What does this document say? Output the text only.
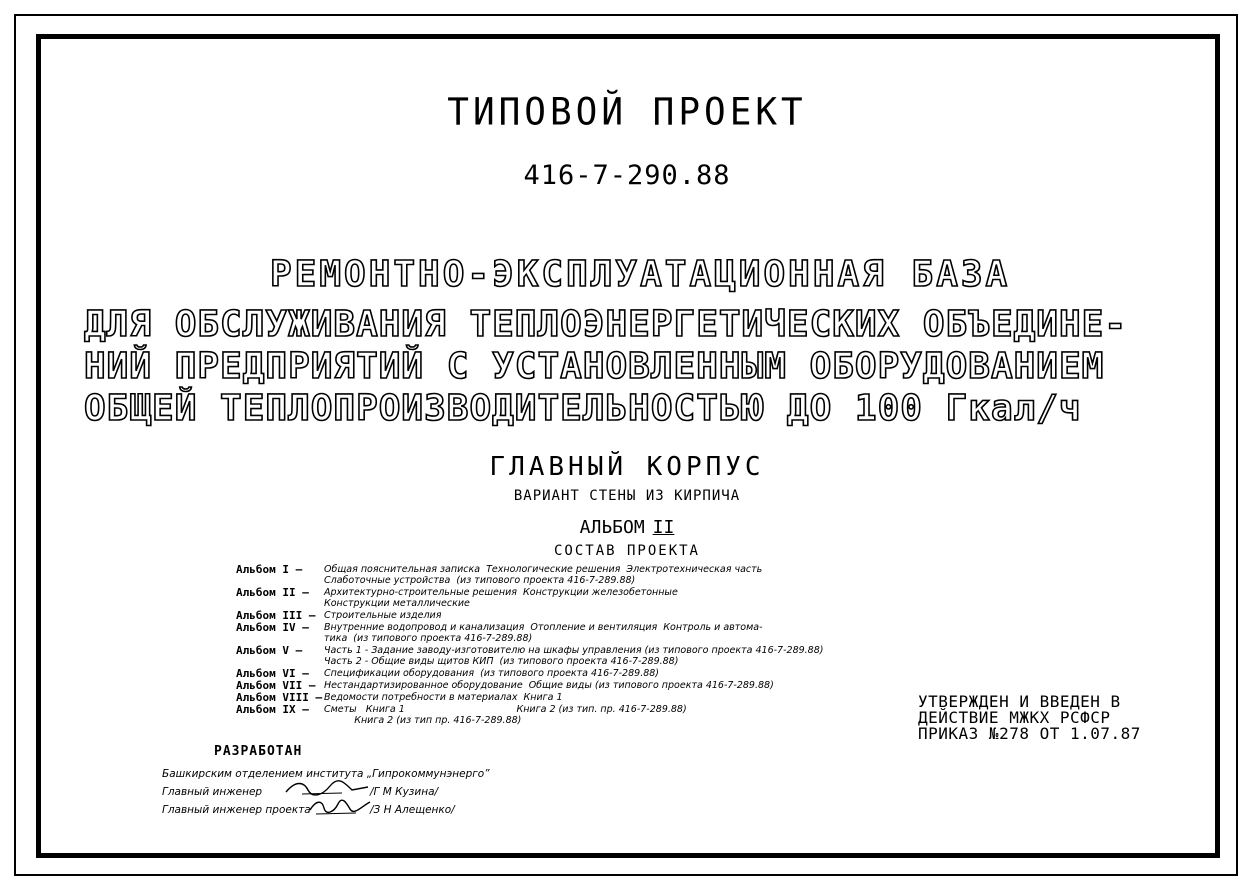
ТИПОВОЙ ПРОЕКТ
416-7-290.88
РЕМОНТНО-ЭКСПЛУАТАЦИОННАЯ БАЗА
ДЛЯ ОБСЛУЖИВАНИЯ ТЕПЛОЭНЕРГЕТИЧЕСКИХ ОБЪЕДИНЕ-
НИЙ ПРЕДПРИЯТИЙ С УСТАНОВЛЕННЫМ ОБОРУДОВАНИЕМ
ОБЩЕЙ ТЕПЛОПРОИЗВОДИТЕЛЬНОСТЬЮ ДО 100 Гкал/ч
ГЛАВНЫЙ КОРПУС
ВАРИАНТ СТЕНЫ ИЗ КИРПИЧА
АЛЬБОМ II
СОСТАВ ПРОЕКТА
Альбом I –	Общая пояснительная записка  Технологические решения  Электротехническая часть
Слаботочные устройства  (из типового проекта 416-7-289.88)
Альбом II –	Архитектурно-строительные решения  Конструкции железобетонные
Конструкции металлические
Альбом III – Строительные изделия
Альбом IV –	Внутренние водопровод и канализация  Отопление и вентиляция  Контроль и автома-
тика  (из типового проекта 416-7-289.88)
Альбом V –	Часть 1 - Задание заводу-изготовителю на шкафы управления (из типового проекта 416-7-289.88)
Часть 2 - Общие виды щитов КИП  (из типового проекта 416-7-289.88)
Альбом VI –	Спецификации оборудования  (из типового проекта 416-7-289.88)
Альбом VII – Нестандартизированное оборудование  Общие виды (из типового проекта 416-7-289.88)
Альбом VIII – Ведомости потребности в материалах  Книга 1
Альбом IX –	Сметы   Книга 1                                     Книга 2 (из тип. пр. 416-7-289.88)
Книга 2 (из тип пр. 416-7-289.88)
РАЗРАБОТАН
Башкирским отделением института „Гипрокоммунэнерго”
Главный инженер	/Г М Кузина/
Главный инженер проекта	/З Н Алещенко/
УТВЕРЖДЕН И ВВЕДЕН В
ДЕЙСТВИЕ МЖКХ РСФСР
ПРИКАЗ №278 ОТ 1.07.87
